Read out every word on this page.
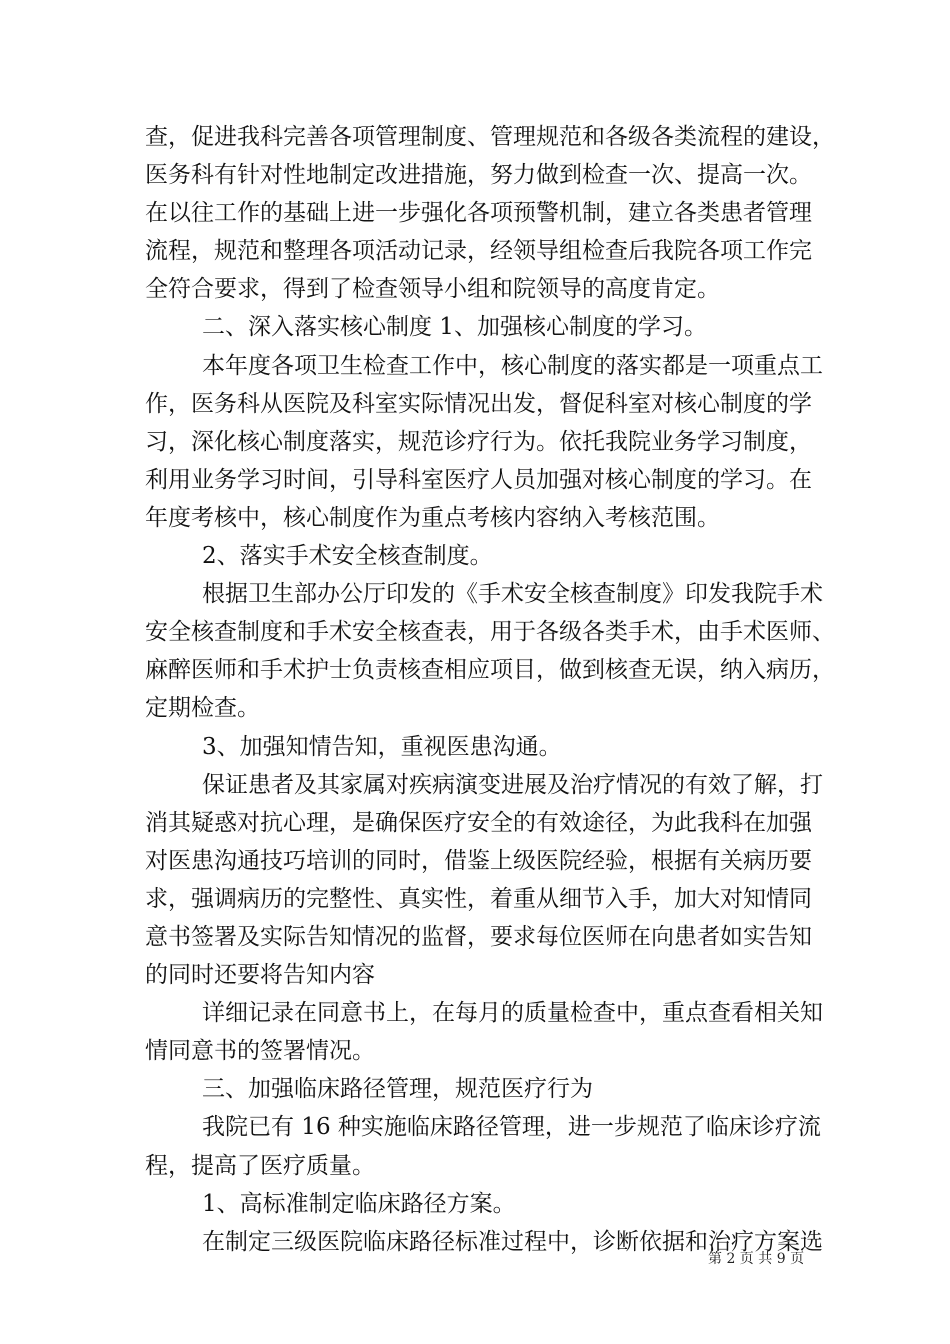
查，促进我科完善各项管理制度、管理规范和各级各类流程的建设，
医务科有针对性地制定改进措施，努力做到检查一次、提高一次。
在以往工作的基础上进一步强化各项预警机制，建立各类患者管理
流程，规范和整理各项活动记录，经领导组检查后我院各项工作完
全符合要求，得到了检查领导小组和院领导的高度肯定。
二、深入落实核心制度 1、加强核心制度的学习。
本年度各项卫生检查工作中，核心制度的落实都是一项重点工
作，医务科从医院及科室实际情况出发，督促科室对核心制度的学
习，深化核心制度落实，规范诊疗行为。依托我院业务学习制度，
利用业务学习时间，引导科室医疗人员加强对核心制度的学习。在
年度考核中，核心制度作为重点考核内容纳入考核范围。
2、落实手术安全核查制度。
根据卫生部办公厅印发的《手术安全核查制度》印发我院手术
安全核查制度和手术安全核查表，用于各级各类手术，由手术医师、
麻醉医师和手术护士负责核查相应项目，做到核查无误，纳入病历，
定期检查。
3、加强知情告知，重视医患沟通。
保证患者及其家属对疾病演变进展及治疗情况的有效了解，打
消其疑惑对抗心理，是确保医疗安全的有效途径，为此我科在加强
对医患沟通技巧培训的同时，借鉴上级医院经验，根据有关病历要
求，强调病历的完整性、真实性，着重从细节入手，加大对知情同
意书签署及实际告知情况的监督，要求每位医师在向患者如实告知
的同时还要将告知内容
详细记录在同意书上，在每月的质量检查中，重点查看相关知
情同意书的签署情况。
三、加强临床路径管理，规范医疗行为
我院已有 16 种实施临床路径管理，进一步规范了临床诊疗流
程，提高了医疗质量。
1、高标准制定临床路径方案。
在制定三级医院临床路径标准过程中，诊断依据和治疗方案选
第 2 页 共 9 页
